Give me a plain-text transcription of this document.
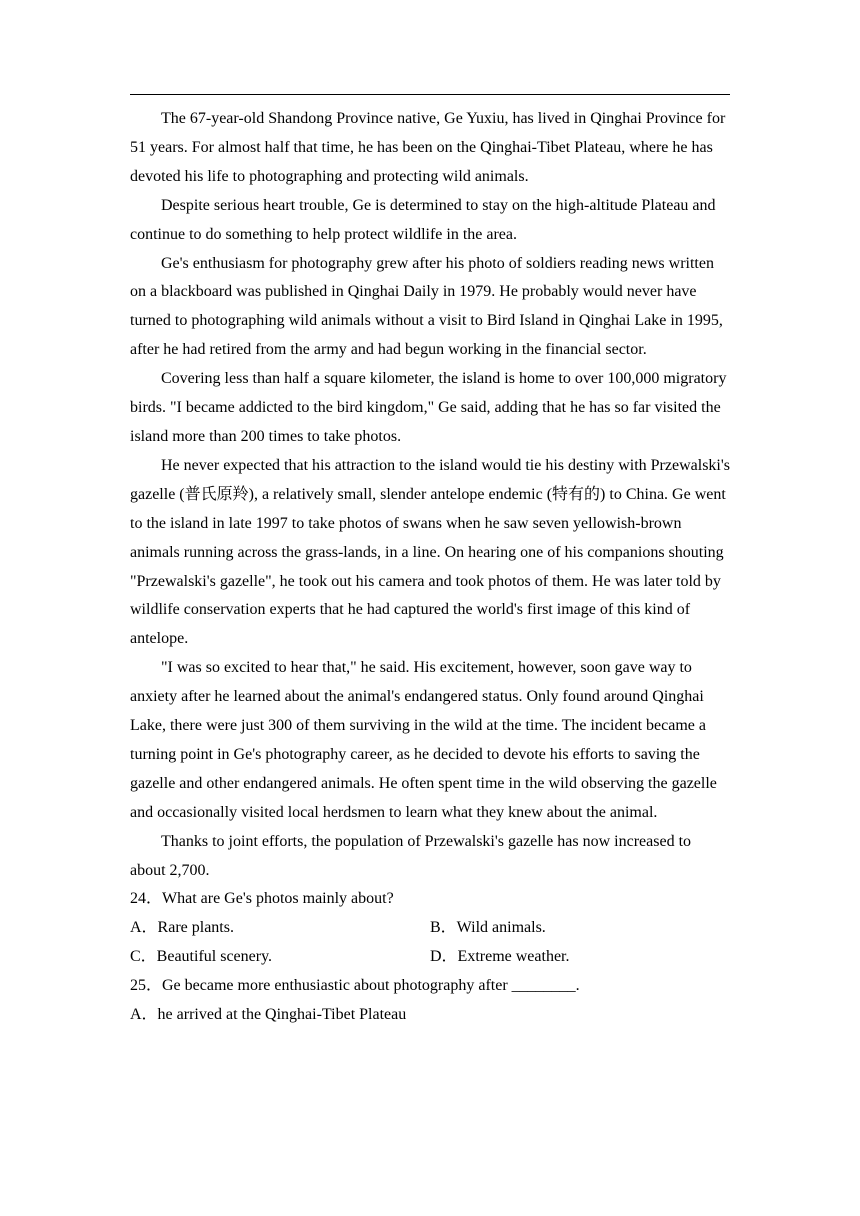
The 67-year-old Shandong Province native, Ge Yuxiu, has lived in Qinghai Province for 51 years. For almost half that time, he has been on the Qinghai-Tibet Plateau, where he has devoted his life to photographing and protecting wild animals.

Despite serious heart trouble, Ge is determined to stay on the high-altitude Plateau and continue to do something to help protect wildlife in the area.

Ge's enthusiasm for photography grew after his photo of soldiers reading news written on a blackboard was published in Qinghai Daily in 1979. He probably would never have turned to photographing wild animals without a visit to Bird Island in Qinghai Lake in 1995, after he had retired from the army and had begun working in the financial sector.

Covering less than half a square kilometer, the island is home to over 100,000 migratory birds. "I became addicted to the bird kingdom," Ge said, adding that he has so far visited the island more than 200 times to take photos.

He never expected that his attraction to the island would tie his destiny with Przewalski's gazelle (普氏原羚), a relatively small, slender antelope endemic (特有的) to China. Ge went to the island in late 1997 to take photos of swans when he saw seven yellowish-brown animals running across the grass-lands, in a line. On hearing one of his companions shouting "Przewalski's gazelle", he took out his camera and took photos of them. He was later told by wildlife conservation experts that he had captured the world's first image of this kind of antelope.

"I was so excited to hear that," he said. His excitement, however, soon gave way to anxiety after he learned about the animal's endangered status. Only found around Qinghai Lake, there were just 300 of them surviving in the wild at the time. The incident became a turning point in Ge's photography career, as he decided to devote his efforts to saving the gazelle and other endangered animals. He often spent time in the wild observing the gazelle and occasionally visited local herdsmen to learn what they knew about the animal.

Thanks to joint efforts, the population of Przewalski's gazelle has now increased to about 2,700.

24．What are Ge's photos mainly about?

A．Rare plants.	B．Wild animals.

C．Beautiful scenery.	D．Extreme weather.

25．Ge became more enthusiastic about photography after ________.

A．he arrived at the Qinghai-Tibet Plateau
